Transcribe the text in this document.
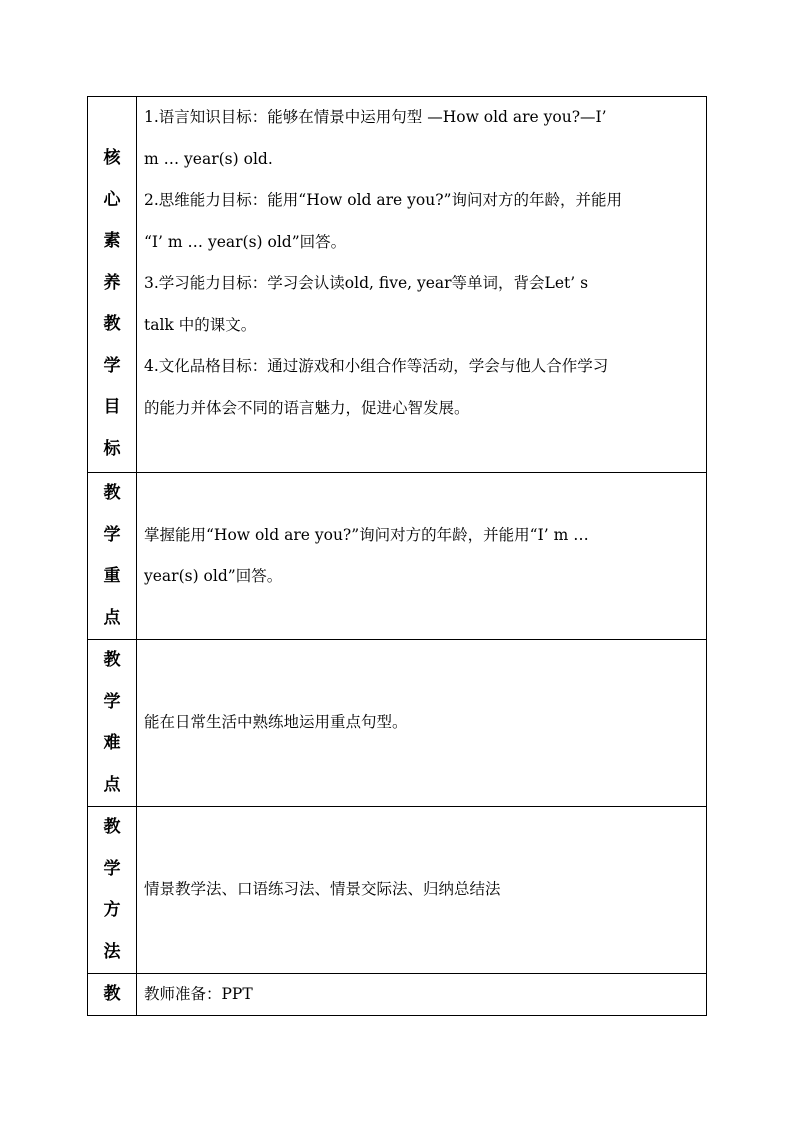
核
心
素
养
教
学
目
标

1.语言知识目标：能够在情景中运用句型 —How old are you?—I’

m … year(s) old.

2.思维能力目标：能用“How old are you?”询问对方的年龄，并能用

“I’ m … year(s) old”回答。

3.学习能力目标：学习会认读old, five, year等单词，背会Let’ s

talk 中的课文。

4.文化品格目标：通过游戏和小组合作等活动，学会与他人合作学习

的能力并体会不同的语言魅力，促进心智发展。

教
学
重
点

掌握能用“How old are you?”询问对方的年龄，并能用“I’ m …

year(s) old”回答。

教
学
难
点

能在日常生活中熟练地运用重点句型。

教
学
方
法

情景教学法、口语练习法、情景交际法、归纳总结法

教 教师准备：PPT
